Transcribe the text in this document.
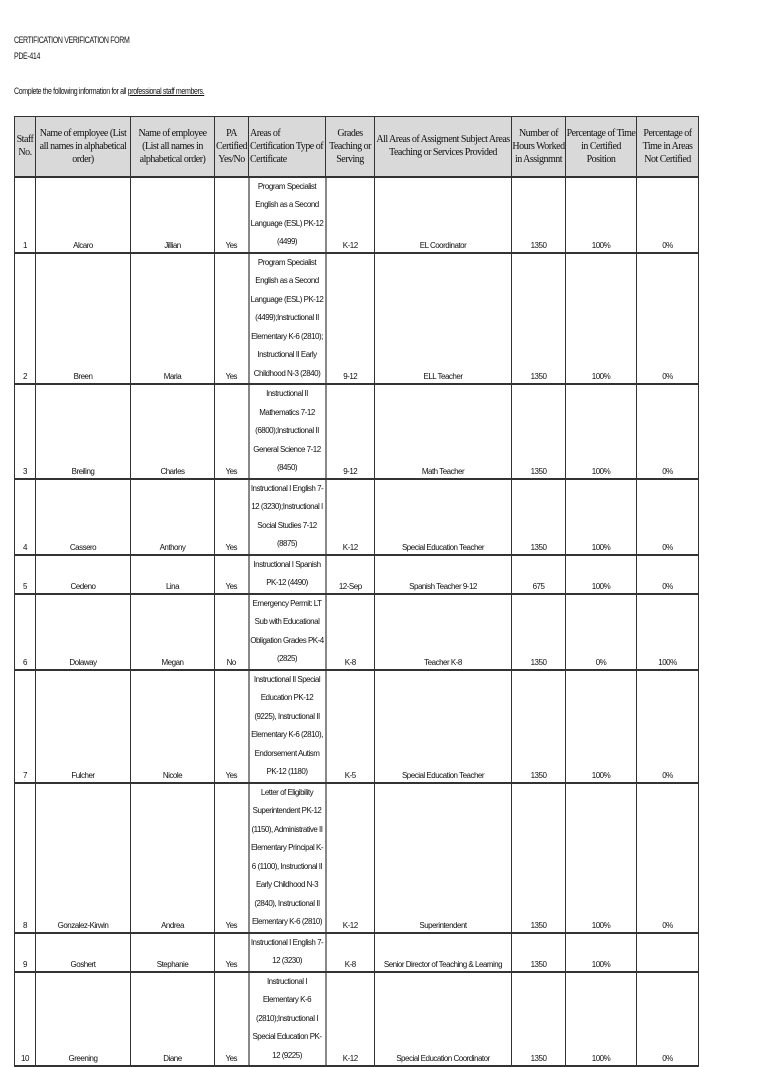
CERTIFICATION VERIFICATION FORM
PDE-414
Complete the following information for all professional staff members.
Staff No.	Name of employee (List all names in alphabetical order)	Name of employee (List all names in alphabetical order)	PA Certified Yes/No	Areas of Certification Type of Certificate	Grades Teaching or Serving	All Areas of Assigment Subject Areas Teaching or Services Provided	Number of Hours Worked in Assignmnt	Percentage of Time in Certified Position	Percentage of Time in Areas Not Certified
1	Alcaro	Jillian	Yes	Program Specialist English as a Second Language (ESL) PK-12 (4499)	K-12	EL Coordinator	1350	100%	0%
2	Breen	Maria	Yes	Program Specialist English as a Second Language (ESL) PK-12 (4499);Instructional II Elementary K-6 (2810); Instructional II Early Childhood N-3 (2840)	9-12	ELL Teacher	1350	100%	0%
3	Breiling	Charles	Yes	Instructional II Mathematics 7-12 (6800);Instructional II General Science 7-12 (8450)	9-12	Math Teacher	1350	100%	0%
4	Cassero	Anthony	Yes	Instructional I English 7-12 (3230);Instructional I Social Studies 7-12 (8875)	K-12	Special Education Teacher	1350	100%	0%
5	Cedeno	Lina	Yes	Instructional I Spanish PK-12 (4490)	12-Sep	Spanish Teacher 9-12	675	100%	0%
6	Dolaway	Megan	No	Emergency Permit: LT Sub with Educational Obligation Grades PK-4 (2825)	K-8	Teacher K-8	1350	0%	100%
7	Fulcher	Nicole	Yes	Instructional II Special Education PK-12 (9225), Instructional II Elementary K-6 (2810), Endorsement Autism PK-12 (1180)	K-5	Special Education Teacher	1350	100%	0%
8	Gonzalez-Kirwin	Andrea	Yes	Letter of Eligibility Superintendent PK-12 (1150), Administrative II Elementary Principal K-6 (1100), Instructional II Early Childhood N-3 (2840), Instructional II Elementary K-6 (2810)	K-12	Superintendent	1350	100%	0%
9	Goshert	Stephanie	Yes	Instructional I English 7-12 (3230)	K-8	Senior Director of Teaching & Learning	1350	100%	
10	Greening	Diane	Yes	Instructional I Elementary K-6 (2810);Instructional I Special Education PK-12 (9225)	K-12	Special Education Coordinator	1350	100%	0%
